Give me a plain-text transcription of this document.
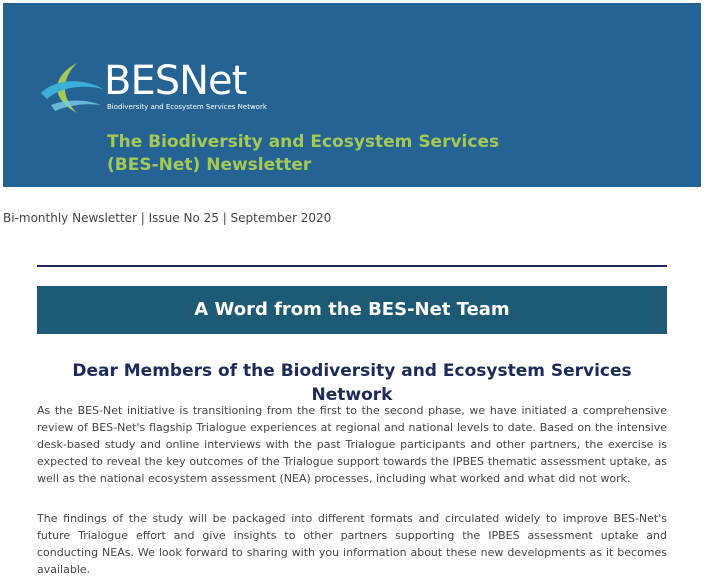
BESNet
Biodiversity and Ecosystem Services Network
The Biodiversity and Ecosystem Services
(BES-Net) Newsletter
Bi-monthly Newsletter | Issue No 25 | September 2020
A Word from the BES-Net Team
Dear Members of the Biodiversity and Ecosystem Services Network

As the BES-Net initiative is transitioning from the first to the second phase, we have initiated a comprehensive review of BES-Net's flagship Trialogue experiences at regional and national levels to date. Based on the intensive desk-based study and online interviews with the past Trialogue participants and other partners, the exercise is expected to reveal the key outcomes of the Trialogue support towards the IPBES thematic assessment uptake, as well as the national ecosystem assessment (NEA) processes, including what worked and what did not work.

The findings of the study will be packaged into different formats and circulated widely to improve BES-Net's future Trialogue effort and give insights to other partners supporting the IPBES assessment uptake and conducting NEAs. We look forward to sharing with you information about these new developments as it becomes available.
